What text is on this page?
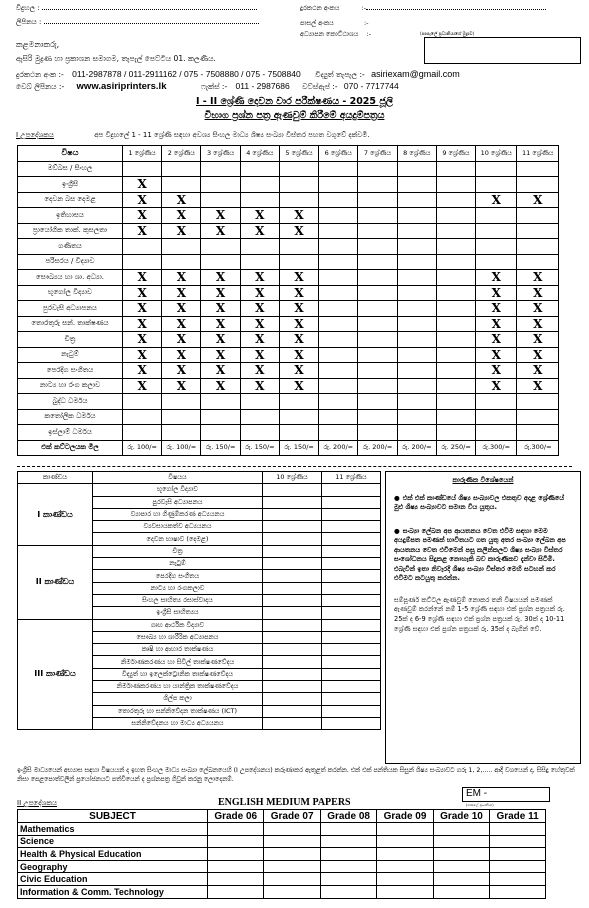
විදුහල :
ලිපිනය :
දුරකථන අංකය	:-
පාසල් අංකය	:-
අධ්‍යාපන කොට්ඨාශය :-	(පාසැලේ ප්‍රධානියාගේ මුද්‍රාව)
කළමනාකරු,
ඇසිරි මුද්‍රණ හා ප්‍රකාශන සමාගම, තැපැල් පෙට්ටිය 01. කලණිය.
දුරකථන අංක :- 011-2987878 / 011-2911162 / 075 - 7508880 / 075 - 7508840 විද්‍යුත් තැපැල :- asiriexam@gmail.com
වෙබ් ලිපිනය :- www.asiriprinters.lk	ෆැක්ස් :- 011 - 2987686 වට්ස්ඇප් :- 070 - 7717744
I - II ශ්‍රේණි දෙවන වාර පරීක්ෂණය - 2025 ජූලි
විභාග ප්‍රශ්න පත්‍ර ඇණවුම් කිරීමේ අයදුම්පත්‍රය
I උපදේශකය	අප විදුහලේ 1 - 11 ශ්‍රේණි සඳහා අවශ්‍ය සිංහල මාධ්‍ය ශිෂ්‍ය සංඛ්‍යා විස්තර පහත වගුවේ දක්වමි.
විෂය	1 ශ්‍රේණිය	2 ශ්‍රේණිය	3 ශ්‍රේණිය	4 ශ්‍රේණිය	5 ශ්‍රේණිය	6 ශ්‍රේණිය	7 ශ්‍රේණිය	8 ශ්‍රේණිය	9 ශ්‍රේණිය	10 ශ්‍රේණිය	11 ශ්‍රේණිය
මව්බස / සිංහල											
ඉංග්‍රීසි	X										
දෙවන බස දෙමළ	X	X								X	X
ඉතිහාසය	X	X	X	X	X						
ප්‍රායෝගික තාක්. කුසලතා	X	X	X	X	X						
ගණිතය											
පරිසරය / විද්‍යාව											
සෞඛ්‍යය හා ශා. අධ්‍යා.	X	X	X	X	X					X	X
භූගෝල විද්‍යාව	X	X	X	X	X					X	X
පුරවැසි අධ්‍යාපනය	X	X	X	X	X					X	X
තොරතුරු සන්. තාක්ෂණය	X	X	X	X	X					X	X
චිත්‍ර	X	X	X	X	X					X	X
නැටුම්	X	X	X	X	X					X	X
පෙරදිග සංගීතය	X	X	X	X	X					X	X
නාට්‍ය හා රංග කලාව	X	X	X	X	X					X	X
බුද්ධ ධර්මය											
කතෝලික ධර්මය											
ඉස්ලාම් ධර්මය											
එක් කට්ටලයක මිල	රු. 100/=	රු. 100/=	රු. 150/=	රු. 150/=	රු. 150/=	රු. 200/=	රු. 200/=	රු. 200/=	රු. 250/=	රු.300/=	රු.300/=
කාණ්ඩය	විෂයය	10 ශ්‍රේණිය	11 ශ්‍රේණිය
I කාණ්ඩය	භූගෝල විද්‍යාව		
	පුරවැසි අධ්‍යාපනය		
	ව්‍යාපාර හා ගිණුම්කරණ අධ්‍යයනය		
	ව්‍යවසායකත්ව අධ්‍යයනය		
	දෙවන භාෂාව (දෙමළ)		
II කාණ්ඩය	චිත්‍ර		
	නැටුම්		
	පෙරදිග සංගීතය		
	නාට්‍ය හා රංගකලාව		
	සිංහල සාහිත්‍ය රසාස්වාදය		
	ඉංග්‍රීසි සාහිත්‍යය		
III කාණ්ඩය	ගෘහ ආර්ථික විද්‍යාව		
	සෞඛ්‍ය හා ශාරීරික අධ්‍යාපනය		
	කෘෂි හා ආහාර තාක්ෂණය		
	නිර්මාණකරණය හා සිවිල් තාක්ෂණවේදය		
	විද්‍යුත් හා ඉලෙක්ට්‍රොනික තාක්ෂණවේදය		
	නිර්මාණකරණය හා යාන්ත්‍රික තාක්ෂණවේදය		
	ශිල්ප කලා		
	තොරතුරු හා සන්නිවේදන තාක්ෂණය (ICT)		
	සන්නිවේදනය හා මාධ්‍ය අධ්‍යයනය		
කාරුණික විශේෂයෙන්
● එක් එක් කාණ්ඩයේ ශිෂ්‍ය සංඛ්‍යාවල එකතුව අදාළ ශ්‍රේණියේ මුළු ශිෂ්‍ය සංඛ්‍යාවට සමාන විය යුතුය.
● සංඛ්‍යා ලේඛන අප ආයතනය වෙත එවීම සඳහා මෙම අයදුම්පත පමණක් භාවිතයට ගත යුතු අතර සංඛ්‍යා ලේඛන අප ආයතනය වෙත එවීමෙන් පසු කලින්කලට ශිෂ්‍ය සංඛ්‍යා විස්තර සංශෝධනය සිදුකළ නොහැකි බව කාරුණිකව දැන්වා සිටිමි. එබැවින් ඉතා නිවැරදි ශිෂ්‍ය සංඛ්‍යා විස්තර මෙහි සටහන් කර එවීමට කටයුතු කරන්න.
සම්පූර්ණ කට්ටල ඇණවුම් නොකර තනි විෂයයන් පමණක් ඇණවුම් කරන්නේ නම් 1-5 ශ්‍රේණි සඳහා එක් ප්‍රශ්න පත්‍රයක් රු. 25ක් ද 6-9 ශ්‍රේණි සඳහා එක් ප්‍රශ්න පත්‍රයක් රු. 30ක් ද 10-11 ශ්‍රේණි සඳහා එක් ප්‍රශ්න පත්‍රයක් රු. 35ක් ද බැගින් වේ.
ඉංග්‍රීසි මාධ්‍යයෙන් අභ්‍යාස සඳහා විෂයයන් ද ඉහත සිංහල මාධ්‍ය සංඛ්‍යා ලේඛනයෙහි (I උපදේශනය) කරුණාකර ඇතුළත් කරන්න. එක් එක් පන්තියක සිසුන් ශිෂ්‍ය සංඛ්‍යාවට ගරු 1, 2,..... ආදී වශයෙන් ද, සිසිදු හේතුවක් නිසා පෙළපොත්වලින් ප්‍රයෝජනයට පත්වියෙන් ද ප්‍රශ්නපත්‍ර ගිවුන් කරනු ලොදෙනම්.
II උපදේශකය	ENGLISH MEDIUM PAPERS
EM -
(පාසලේ ප්‍රධානියා)
SUBJECT	Grade 06	Grade 07	Grade 08	Grade 09	Grade 10	Grade 11
Mathematics						
Science						
Health & Physical Education						
Geography						
Civic Education						
Information & Comm. Technology						
